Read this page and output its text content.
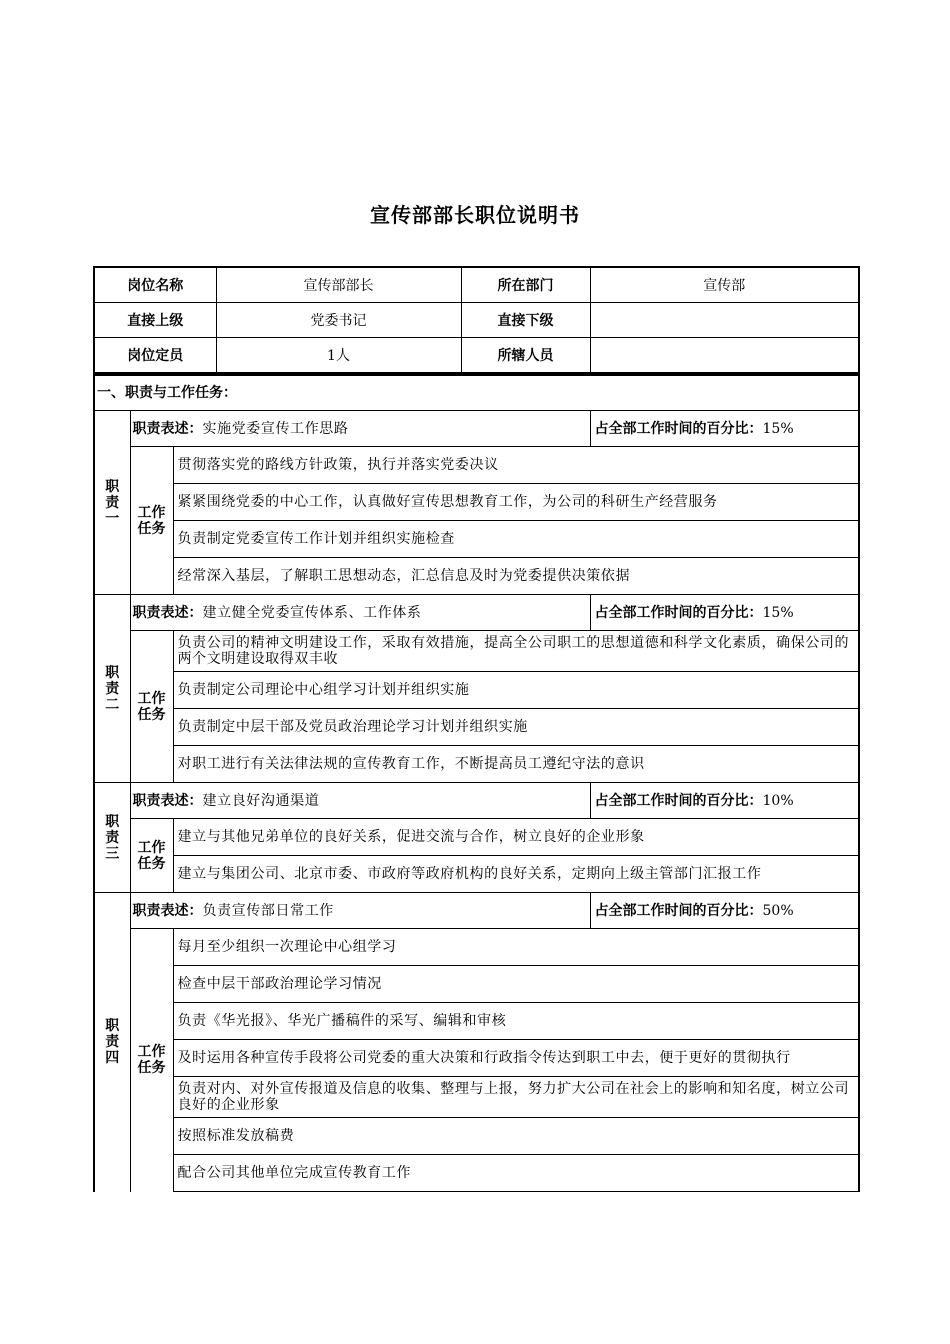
宣传部部长职位说明书
岗位名称	宣传部部长	所在部门	宣传部
直接上级	党委书记	直接下级	
岗位定员	1人	所辖人员	
一、职责与工作任务：			

职
责
一	职责表述：实施党委宣传工作思路		占全部工作时间的百分比：15%

	工作
任务	贯彻落实党的路线方针政策，执行并落实党委决议	
		紧紧围绕党委的中心工作，认真做好宣传思想教育工作，为公司的科研生产经营服务	
		负责制定党委宣传工作计划并组织实施检查	
		经常深入基层，了解职工思想动态，汇总信息及时为党委提供决策依据	

职
责
二	职责表述：建立健全党委宣传体系、工作体系		占全部工作时间的百分比：15%

	工作
任务	负责公司的精神文明建设工作，采取有效措施，提高全公司职工的思想道德和科学文化素质，确保公司的两个文明建设取得双丰收	
		负责制定公司理论中心组学习计划并组织实施	
		负责制定中层干部及党员政治理论学习计划并组织实施	
		对职工进行有关法律法规的宣传教育工作，不断提高员工遵纪守法的意识	

职
责
三	职责表述：建立良好沟通渠道		占全部工作时间的百分比：10%

	工作
任务	建立与其他兄弟单位的良好关系，促进交流与合作，树立良好的企业形象	
		建立与集团公司、北京市委、市政府等政府机构的良好关系，定期向上级主管部门汇报工作	

职
责
四	职责表述：负责宣传部日常工作		占全部工作时间的百分比：50%

	工作
任务	每月至少组织一次理论中心组学习	
		检查中层干部政治理论学习情况	
		负责《华光报》、华光广播稿件的采写、编辑和审核	
		及时运用各种宣传手段将公司党委的重大决策和行政指令传达到职工中去，便于更好的贯彻执行	
		负责对内、对外宣传报道及信息的收集、整理与上报，努力扩大公司在社会上的影响和知名度，树立公司良好的企业形象	
		按照标准发放稿费	
		配合公司其他单位完成宣传教育工作	
